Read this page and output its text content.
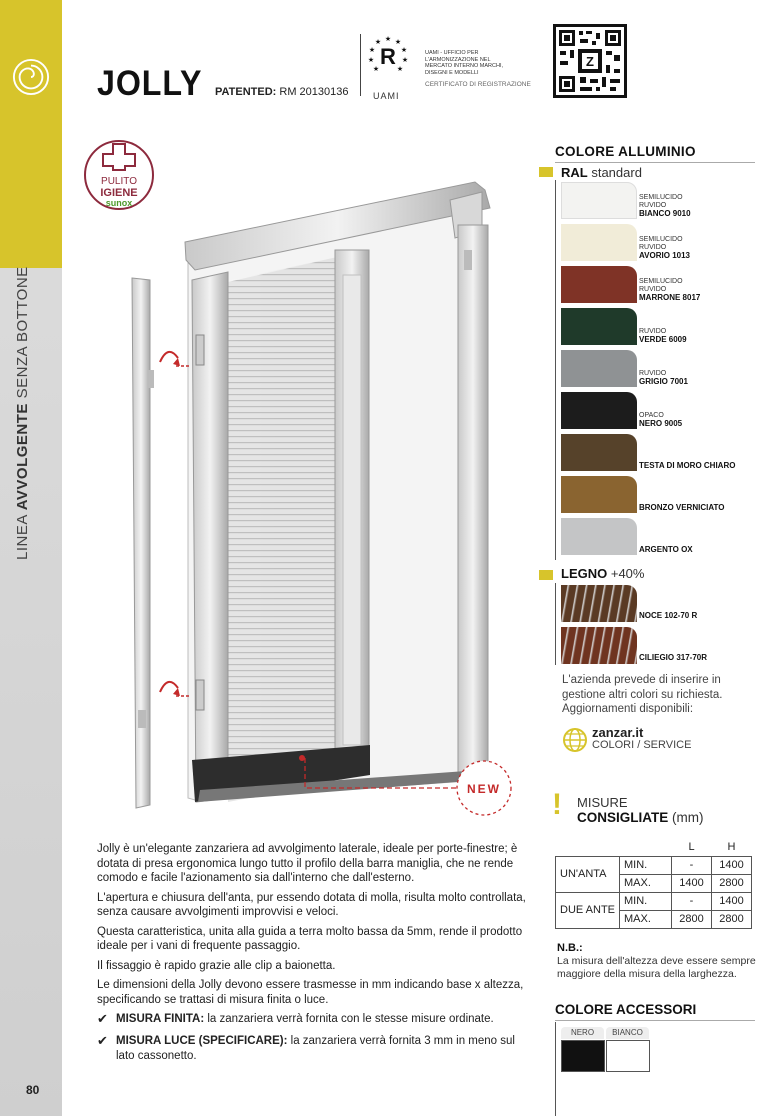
LINEA AVVOLGENTE SENZA BOTTONE
80
JOLLY PATENTED: RM 20130136
R
★ ★
★
★
★
★
★
★
★
UAMI
UAMI - UFFICIO PER L'ARMONIZZAZIONE NEL MERCATO INTERNO MARCHI, DISEGNI E MODELLI
CERTIFICATO DI REGISTRAZIONE
Z
NEW
PULITO
IGIENE
sunox
COLORE ALLUMINIO
RAL standard
SEMILUCIDO
RUVIDO
BIANCO 9010
SEMILUCIDO
RUVIDO
AVORIO 1013
SEMILUCIDO
RUVIDO
MARRONE 8017
RUVIDO
VERDE 6009
RUVIDO
GRIGIO 7001
OPACO
NERO 9005
TESTA DI MORO CHIARO
BRONZO VERNICIATO
ARGENTO OX
LEGNO +40%
NOCE 102-70 R
CILIEGIO 317-70R
L'azienda prevede di inserire in gestione altri colori su richiesta. Aggiornamenti disponibili:
zanzar.it
COLORI / SERVICE
! MISURE
CONSIGLIATE (mm)
		L	H
UN'ANTA	MIN.	-	1400
	MAX.	1400	2800
DUE ANTE	MIN.	-	1400
	MAX.	2800	2800
N.B.:
La misura dell'altezza deve essere sempre maggiore della misura della larghezza.
COLORE ACCESSORI
NERO	BIANCO

Jolly è un'elegante zanzariera ad avvolgimento laterale, ideale per porte-finestre; è dotata di presa ergonomica lungo tutto il profilo della barra maniglia, che ne rende comodo e facile l'azionamento sia dall'interno che dall'esterno.

L'apertura e chiusura dell'anta, pur essendo dotata di molla, risulta molto controllata, senza causare avvolgimenti improvvisi e veloci.

Questa caratteristica, unita alla guida a terra molto bassa da 5mm, rende il prodotto ideale per i vani di frequente passaggio.

Il fissaggio è rapido grazie alle clip a baionetta.

Le dimensioni della Jolly devono essere trasmesse in mm indicando base x altezza, specificando se trattasi di misura finita o luce.

✔ MISURA FINITA: la zanzariera verrà fornita con le stesse misure ordinate.
✔ MISURA LUCE (SPECIFICARE): la zanzariera verrà fornita 3 mm in meno sul lato cassonetto.
